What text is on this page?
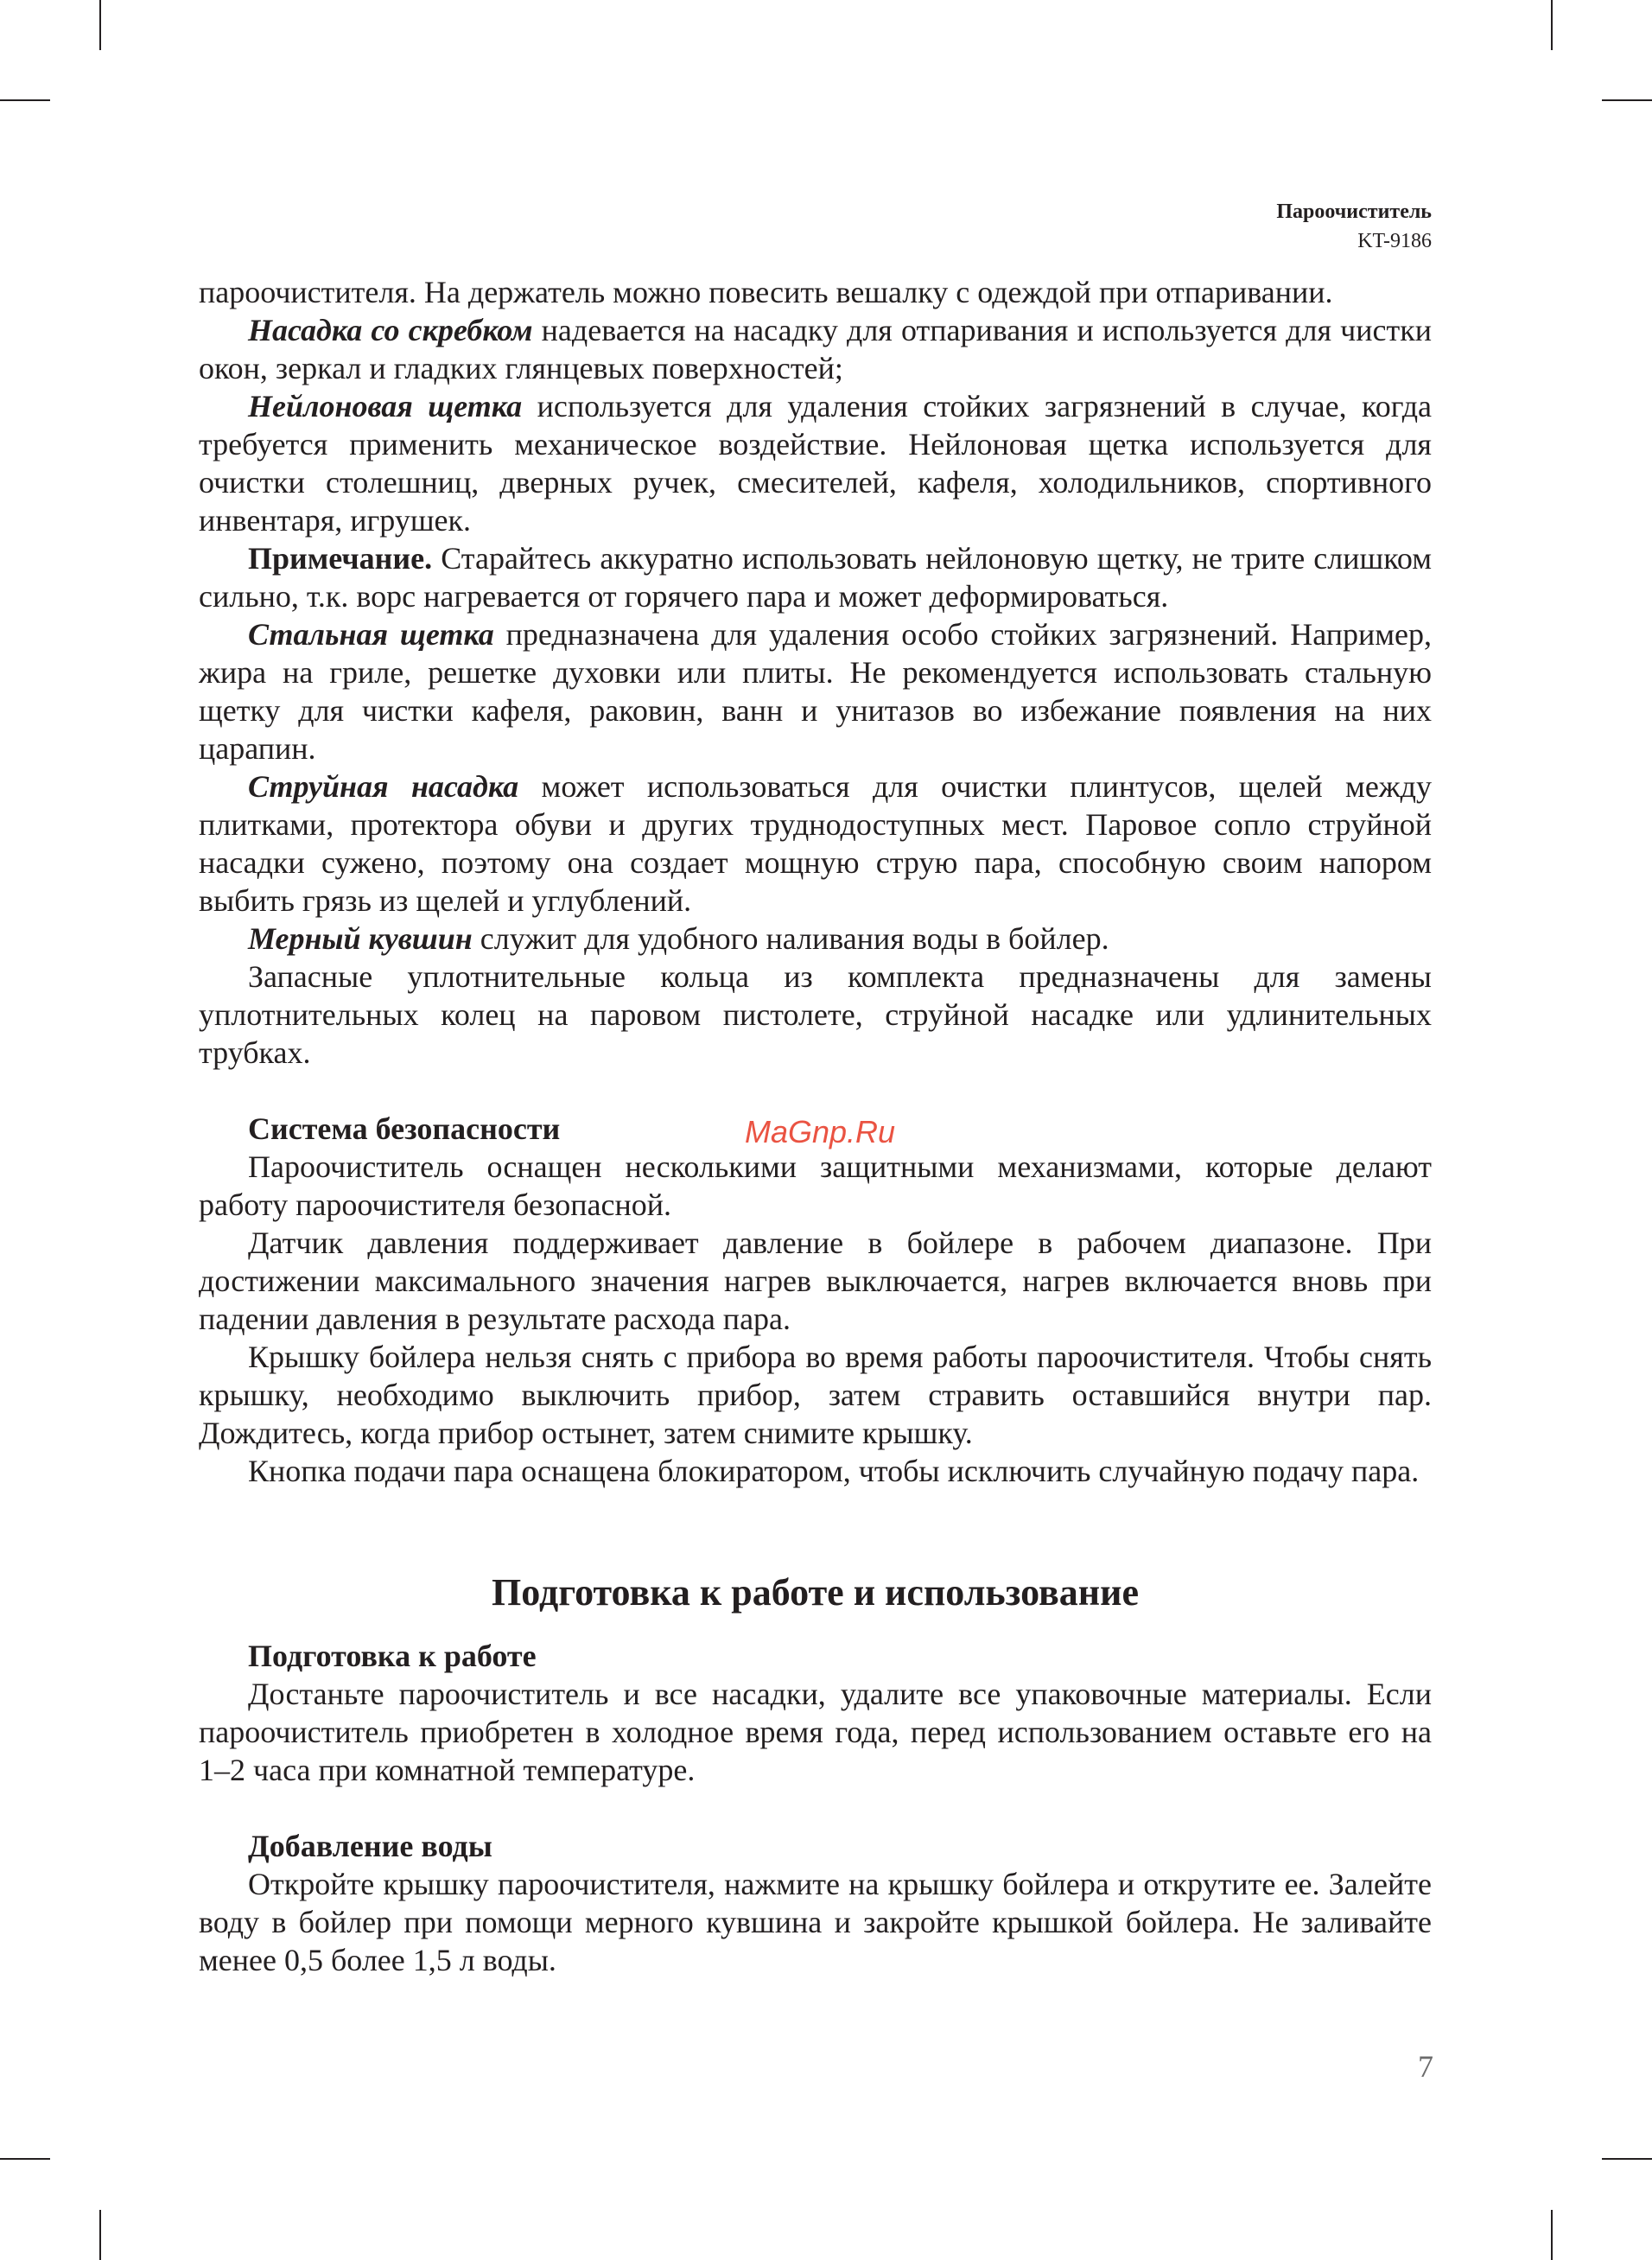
Пароочиститель
KT-9186

пароочистителя. На держатель можно повесить вешалку с одеждой при отпаривании.

Насадка со скребком надевается на насадку для отпаривания и используется для чистки окон, зеркал и гладких глянцевых поверхностей;

Нейлоновая щетка используется для удаления стойких загрязнений в случае, когда требуется применить механическое воздействие. Нейлоновая щетка используется для очистки столешниц, дверных ручек, смесителей, кафеля, холодильников, спортивного инвентаря, игрушек.

Примечание. Старайтесь аккуратно использовать нейлоновую щетку, не трите слишком сильно, т.к. ворс нагревается от горячего пара и может деформироваться.

Стальная щетка предназначена для удаления особо стойких загрязнений. Например, жира на гриле, решетке духовки или плиты. Не рекомендуется использовать стальную щетку для чистки кафеля, раковин, ванн и унитазов во избежание появления на них царапин.

Струйная насадка может использоваться для очистки плинтусов, щелей между плитками, протектора обуви и других труднодоступных мест. Паровое сопло струйной насадки сужено, поэтому она создает мощную струю пара, способную своим напором выбить грязь из щелей и углублений.

Мерный кувшин служит для удобного наливания воды в бойлер.

Запасные уплотнительные кольца из комплекта предназначены для замены уплотнительных колец на паровом пистолете, струйной насадке или удлинительных трубках.

Система безопасности

Пароочиститель оснащен несколькими защитными механизмами, которые делают работу пароочистителя безопасной.

Датчик давления поддерживает давление в бойлере в рабочем диапазоне. При достижении максимального значения нагрев выключается, нагрев включается вновь при падении давления в результате расхода пара.

Крышку бойлера нельзя снять с прибора во время работы пароочистителя. Чтобы снять крышку, необходимо выключить прибор, затем стравить оставшийся внутри пар. Дождитесь, когда прибор остынет, затем снимите крышку.

Кнопка подачи пара оснащена блокиратором, чтобы исключить случайную подачу пара.

Подготовка к работе и использование
Подготовка к работе

Достаньте пароочиститель и все насадки, удалите все упаковочные материалы. Если пароочиститель приобретен в холодное время года, перед использованием оставьте его на 1–2 часа при комнатной температуре.

Добавление воды

Откройте крышку пароочистителя, нажмите на крышку бойлера и открутите ее. Залейте воду в бойлер при помощи мерного кувшина и закройте крышкой бойлера. Не заливайте менее 0,5 более 1,5 л воды.

MaGnp.Ru
7
